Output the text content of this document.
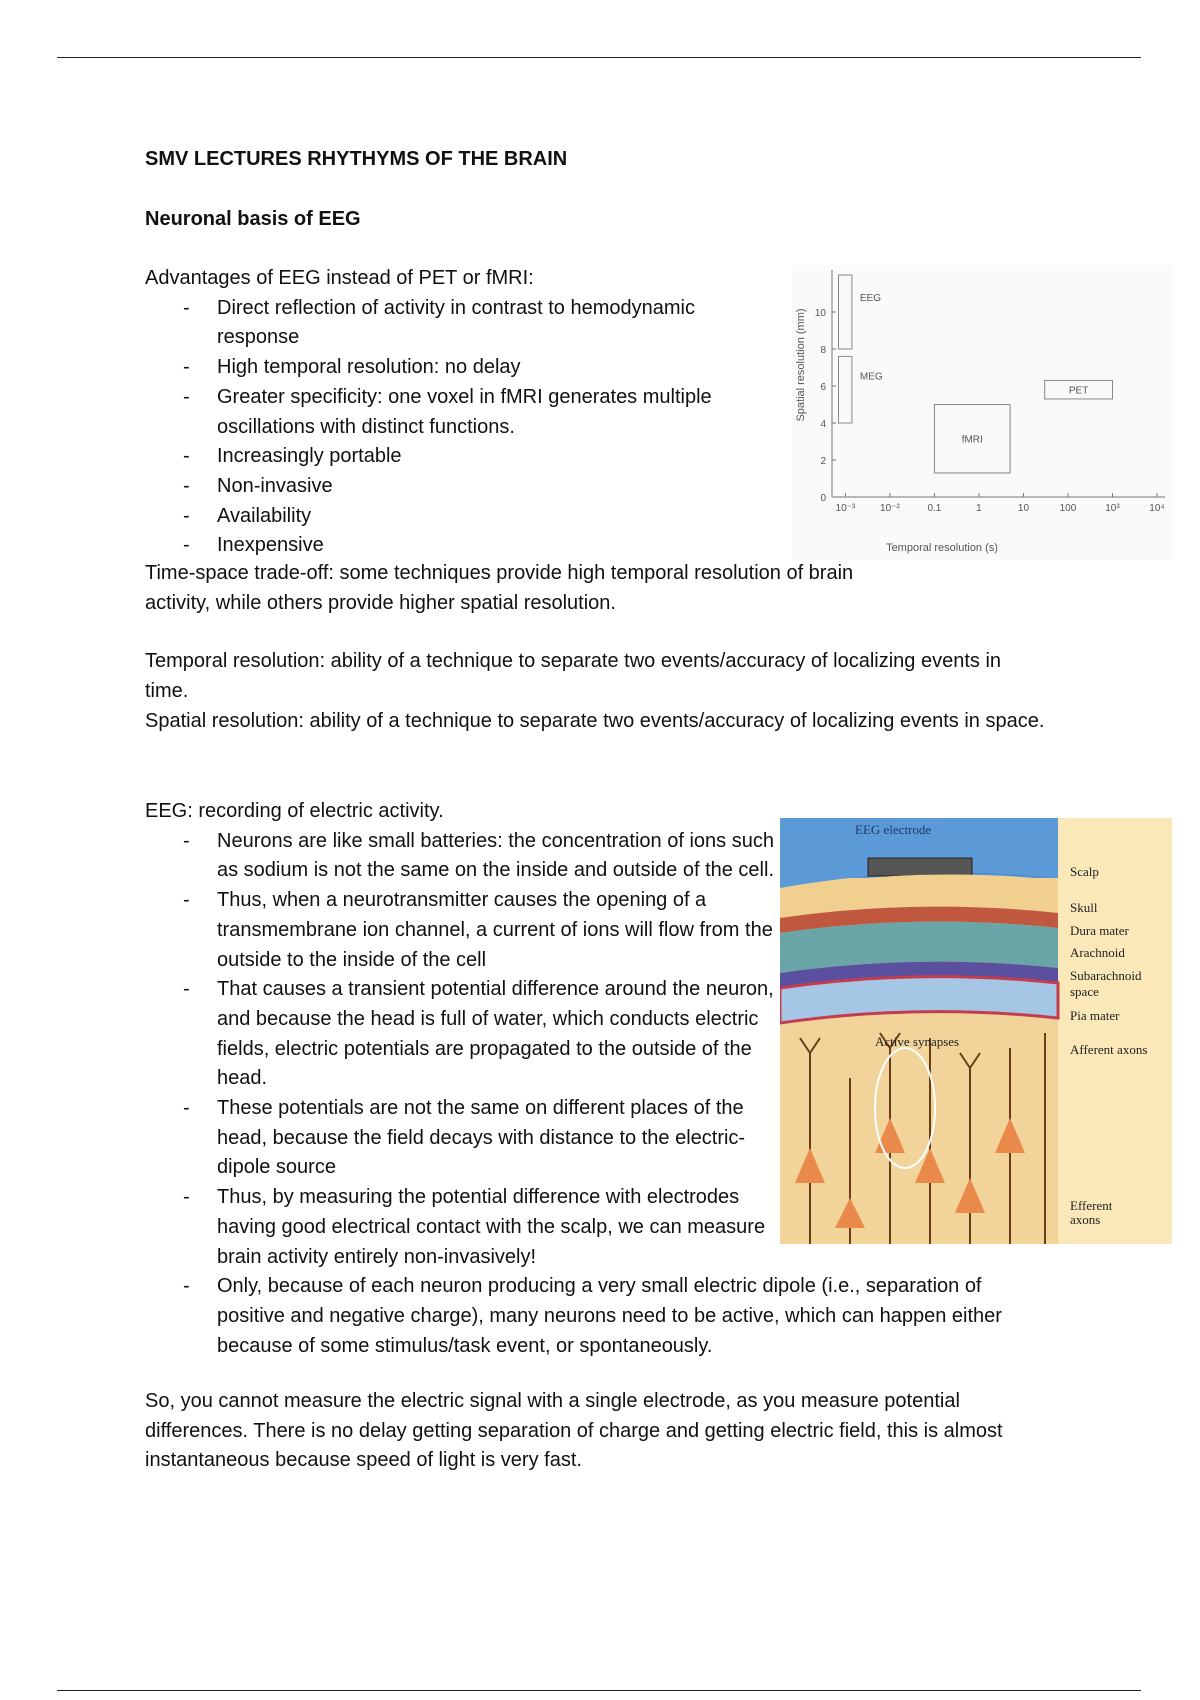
SMV LECTURES RHYTHYMS OF THE BRAIN

Neuronal basis of EEG

Advantages of EEG instead of PET or fMRI:
- Direct reflection of activity in contrast to hemodynamic response
- High temporal resolution: no delay
- Greater specificity: one voxel in fMRI generates multiple oscillations with distinct functions.
- Increasingly portable
- Non-invasive
- Availability
- Inexpensive

Time-space trade-off: some techniques provide high temporal resolution of brain activity, while others provide higher spatial resolution.

Temporal resolution: ability of a technique to separate two events/accuracy of localizing events in time.

Spatial resolution: ability of a technique to separate two events/accuracy of localizing events in space.

EEG: recording of electric activity.
- Neurons are like small batteries: the concentration of ions such as sodium is not the same on the inside and outside of the cell.
- Thus, when a neurotransmitter causes the opening of a transmembrane ion channel, a current of ions will flow from the outside to the inside of the cell
- That causes a transient potential difference around the neuron, and because the head is full of water, which conducts electric fields, electric potentials are propagated to the outside of the head.
- These potentials are not the same on different places of the head, because the field decays with distance to the electric-dipole source
- Thus, by measuring the potential difference with electrodes having good electrical contact with the scalp, we can measure brain activity entirely non-invasively!
- Only, because of each neuron producing a very small electric dipole (i.e., separation of positive and negative charge), many neurons need to be active, which can happen either because of some stimulus/task event, or spontaneously.

So, you cannot measure the electric signal with a single electrode, as you measure potential differences. There is no delay getting separation of charge and getting electric field, this is almost instantaneous because speed of light is very fast.

10⁻³ 10⁻²	0.1	1	10	100	10³	10⁴
0
2
4
6
8
10
EEG
MEG
fMRI
PET
Temporal resolution (s)
Spatial resolution (mm)
EEG electrode
Active synapses
Scalp
Skull
Dura mater
Arachnoid
Subarachnoid
space
Pia mater
Afferent axons
Efferent
axons
